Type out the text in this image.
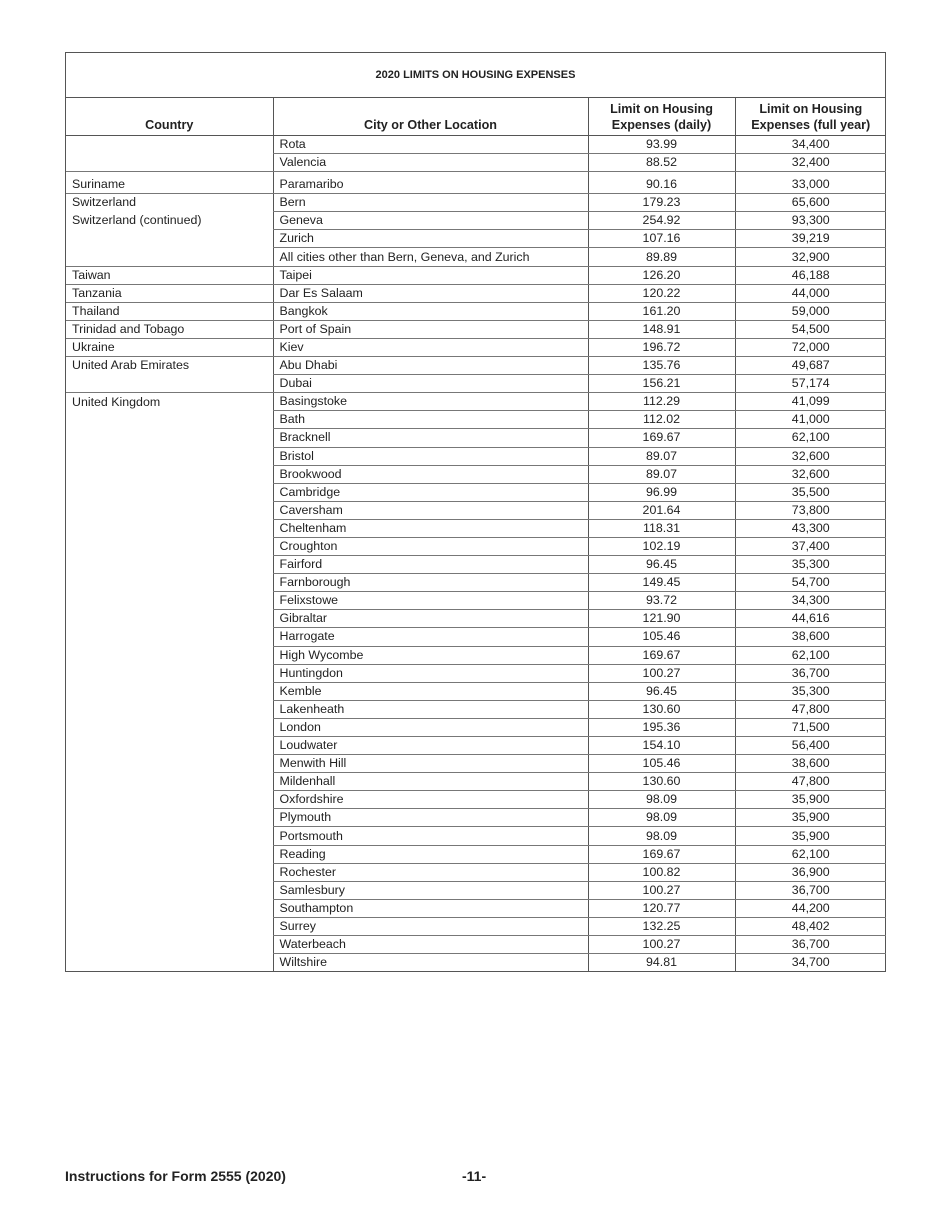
2020 LIMITS ON HOUSING EXPENSES
Country	City or Other Location	Limit on Housing Expenses (daily)	Limit on Housing Expenses (full year)
	Rota	93.99	34,400
	Valencia	88.52	32,400
Suriname	Paramaribo	90.16	33,000
Switzerland	Bern	179.23	65,600
Switzerland (continued)	Geneva	254.92	93,300
	Zurich	107.16	39,219
	All cities other than Bern, Geneva, and Zurich	89.89	32,900
Taiwan	Taipei	126.20	46,188
Tanzania	Dar Es Salaam	120.22	44,000
Thailand	Bangkok	161.20	59,000
Trinidad and Tobago	Port of Spain	148.91	54,500
Ukraine	Kiev	196.72	72,000
United Arab Emirates	Abu Dhabi	135.76	49,687
	Dubai	156.21	57,174
United Kingdom	Basingstoke	112.29	41,099
	Bath	112.02	41,000
	Bracknell	169.67	62,100
	Bristol	89.07	32,600
	Brookwood	89.07	32,600
	Cambridge	96.99	35,500
	Caversham	201.64	73,800
	Cheltenham	118.31	43,300
	Croughton	102.19	37,400
	Fairford	96.45	35,300
	Farnborough	149.45	54,700
	Felixstowe	93.72	34,300
	Gibraltar	121.90	44,616
	Harrogate	105.46	38,600
	High Wycombe	169.67	62,100
	Huntingdon	100.27	36,700
	Kemble	96.45	35,300
	Lakenheath	130.60	47,800
	London	195.36	71,500
	Loudwater	154.10	56,400
	Menwith Hill	105.46	38,600
	Mildenhall	130.60	47,800
	Oxfordshire	98.09	35,900
	Plymouth	98.09	35,900
	Portsmouth	98.09	35,900
	Reading	169.67	62,100
	Rochester	100.82	36,900
	Samlesbury	100.27	36,700
	Southampton	120.77	44,200
	Surrey	132.25	48,402
	Waterbeach	100.27	36,700
	Wiltshire	94.81	34,700
Instructions for Form 2555 (2020)	-11-
